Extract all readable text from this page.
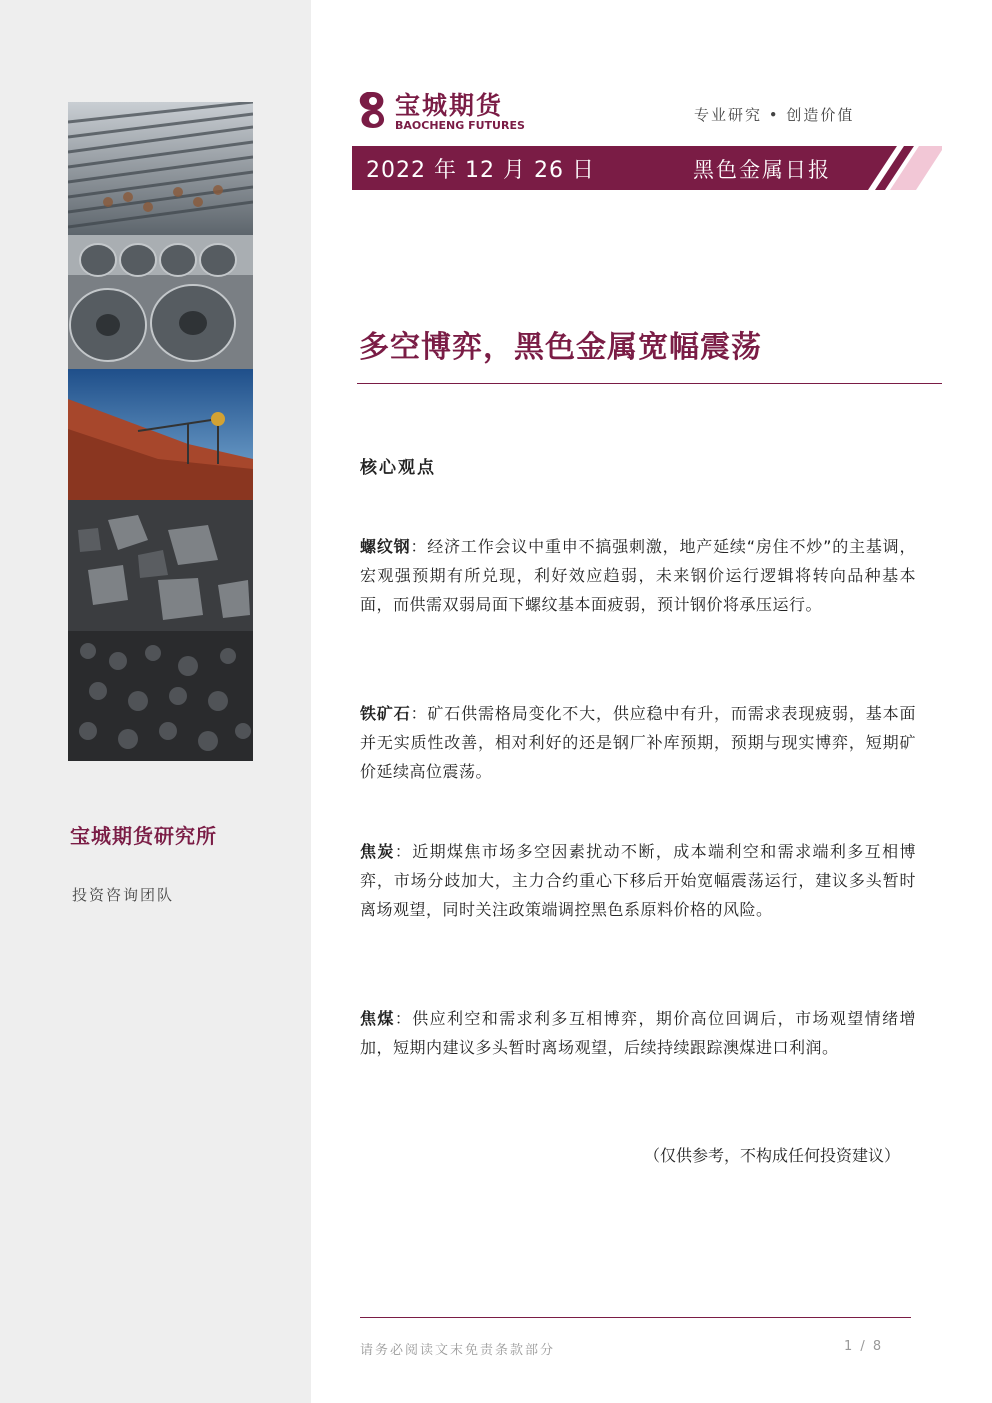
宝城期货研究所
投资咨询团队
宝城期货
BAOCHENG FUTURES
专业研究 • 创造价值
2022 年 12 月 26 日	黑色金属日报
多空博弈，黑色金属宽幅震荡
核心观点
螺纹钢：经济工作会议中重申不搞强刺激，地产延续“房住不炒”的主基调，宏观强预期有所兑现，利好效应趋弱，未来钢价运行逻辑将转向品种基本面，而供需双弱局面下螺纹基本面疲弱，预计钢价将承压运行。
铁矿石：矿石供需格局变化不大，供应稳中有升，而需求表现疲弱，基本面并无实质性改善，相对利好的还是钢厂补库预期，预期与现实博弈，短期矿价延续高位震荡。
焦炭：近期煤焦市场多空因素扰动不断，成本端利空和需求端利多互相博弈，市场分歧加大，主力合约重心下移后开始宽幅震荡运行，建议多头暂时离场观望，同时关注政策端调控黑色系原料价格的风险。
焦煤：供应利空和需求利多互相博弈，期价高位回调后，市场观望情绪增加，短期内建议多头暂时离场观望，后续持续跟踪澳煤进口利润。
（仅供参考，不构成任何投资建议）
请务必阅读文末免责条款部分	1 / 8
